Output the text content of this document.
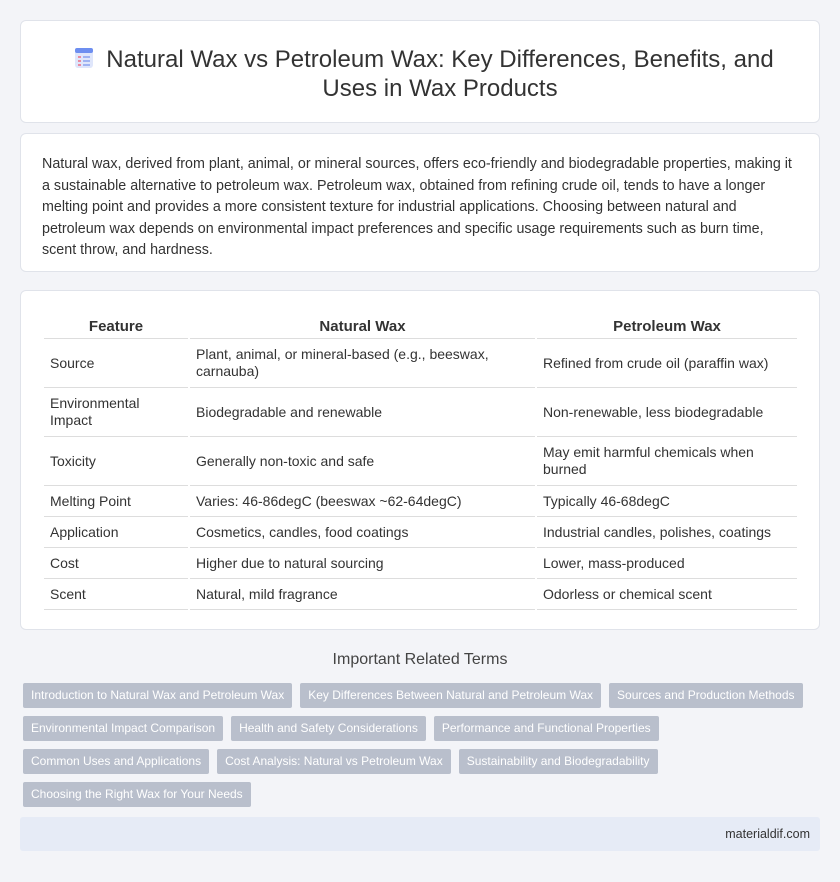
Natural Wax vs Petroleum Wax: Key Differences, Benefits, and Uses in Wax Products

Natural wax, derived from plant, animal, or mineral sources, offers eco-friendly and biodegradable properties, making it a sustainable alternative to petroleum wax. Petroleum wax, obtained from refining crude oil, tends to have a longer melting point and provides a more consistent texture for industrial applications. Choosing between natural and petroleum wax depends on environmental impact preferences and specific usage requirements such as burn time, scent throw, and hardness.

Feature	Natural Wax	Petroleum Wax
Source	Plant, animal, or mineral-based (e.g., beeswax, carnauba)	Refined from crude oil (paraffin wax)
Environmental Impact	Biodegradable and renewable	Non-renewable, less biodegradable
Toxicity	Generally non-toxic and safe	May emit harmful chemicals when burned
Melting Point	Varies: 46-86degC (beeswax ~62-64degC)	Typically 46-68degC
Application	Cosmetics, candles, food coatings	Industrial candles, polishes, coatings
Cost	Higher due to natural sourcing	Lower, mass-produced
Scent	Natural, mild fragrance	Odorless or chemical scent
Important Related Terms
Introduction to Natural Wax and Petroleum Wax	Key Differences Between Natural and Petroleum Wax	Sources and Production Methods
Environmental Impact Comparison	Health and Safety Considerations	Performance and Functional Properties
Common Uses and Applications	Cost Analysis: Natural vs Petroleum Wax	Sustainability and Biodegradability
Choosing the Right Wax for Your Needs
materialdif.com
